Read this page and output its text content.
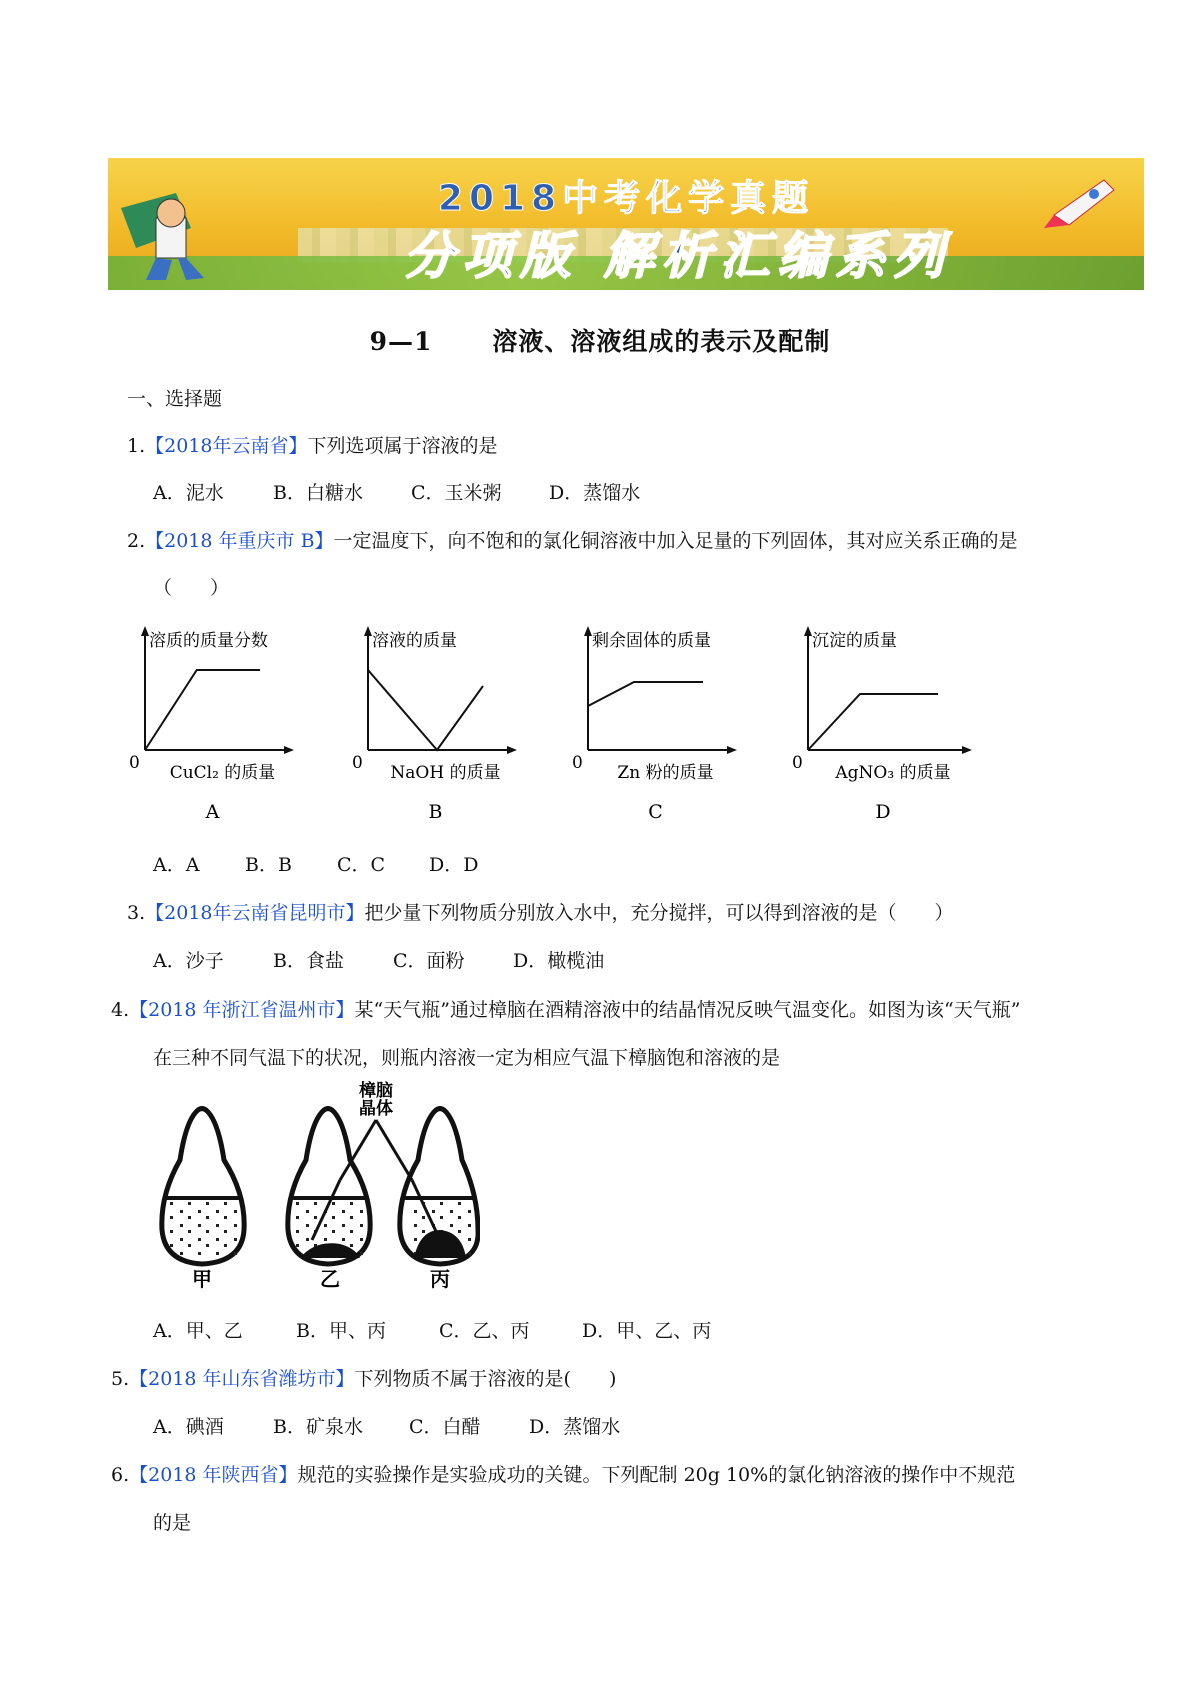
2018中考化学真题
分项版 解析汇编系列
9—1 溶液、溶液组成的表示及配制
一、选择题
1.【2018年云南省】下列选项属于溶液的是
A．泥水	B．白糖水	C．玉米粥 D．蒸馏水
2.【2018 年重庆市 B】一定温度下，向不饱和的氯化铜溶液中加入足量的下列固体，其对应关系正确的是
（　　）
溶质的质量分数
CuCl₂ 的质量
0
A
溶液的质量
NaOH 的质量
0
B
剩余固体的质量
Zn 粉的质量
0
C
沉淀的质量
AgNO₃ 的质量
0
D
A．A B．B C．C D．D
3.【2018年云南省昆明市】把少量下列物质分别放入水中，充分搅拌，可以得到溶液的是（　　）
A．沙子	B．食盐	C．面粉	D．橄榄油
4.【2018 年浙江省温州市】某“天气瓶”通过樟脑在酒精溶液中的结晶情况反映气温变化。如图为该“天气瓶”
在三种不同气温下的状况，则瓶内溶液一定为相应气温下樟脑饱和溶液的是
樟脑晶体
甲	乙	丙
A．甲、乙	B．甲、丙	C．乙、丙	D．甲、乙、丙
5.【2018 年山东省潍坊市】下列物质不属于溶液的是(　　)
A．碘酒	B．矿泉水 C．白醋	D．蒸馏水
6.【2018 年陕西省】规范的实验操作是实验成功的关键。下列配制 20g 10%的氯化钠溶液的操作中不规范
的是
